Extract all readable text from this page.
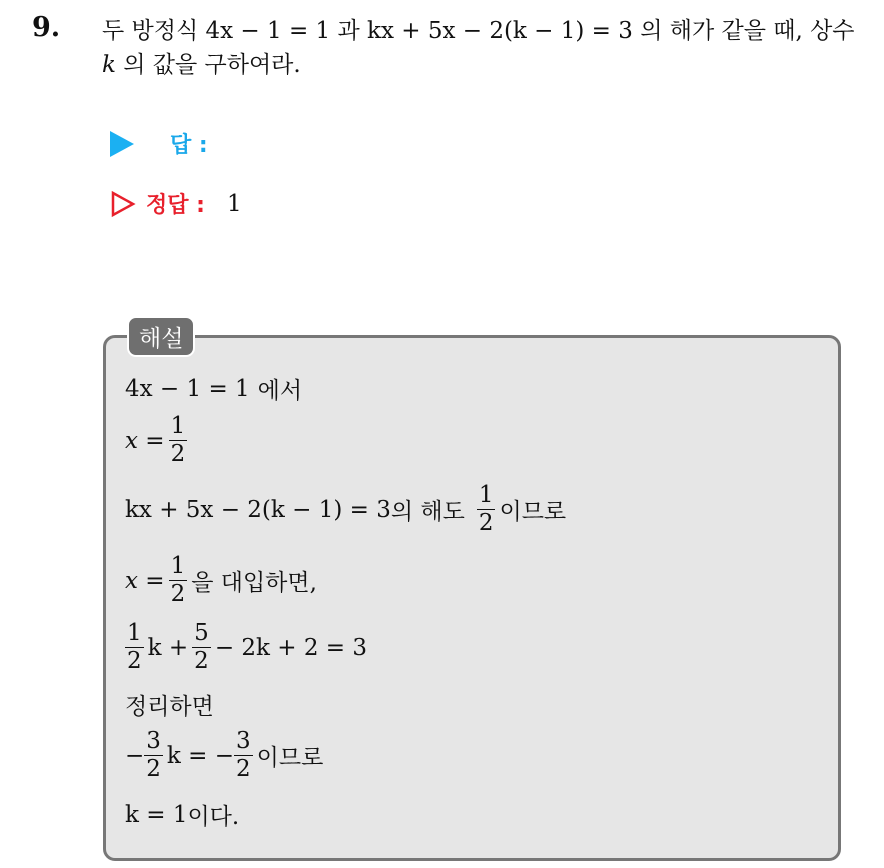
9. 두 방정식 4x − 1 = 1 과 kx + 5x − 2(k − 1) = 3 의 해가 같을 때, 상수
k 의 값을 구하여라.
답 :
정답 : 1
해설
4x − 1 = 1 에서
$x = \frac{1}{2}$
kx + 5x − 2(k − 1) = 3 의 해도 $\frac{1}{2}$ 이므로
$x = \frac{1}{2}$ 을 대입하면,
$\frac{1}{2}$ $k + \frac{5}{2} - 2k + 2 = 3$
정리하면
− $\frac{3}{2}$ k = − $\frac{3}{2}$ 이므로
k = 1 이다.
